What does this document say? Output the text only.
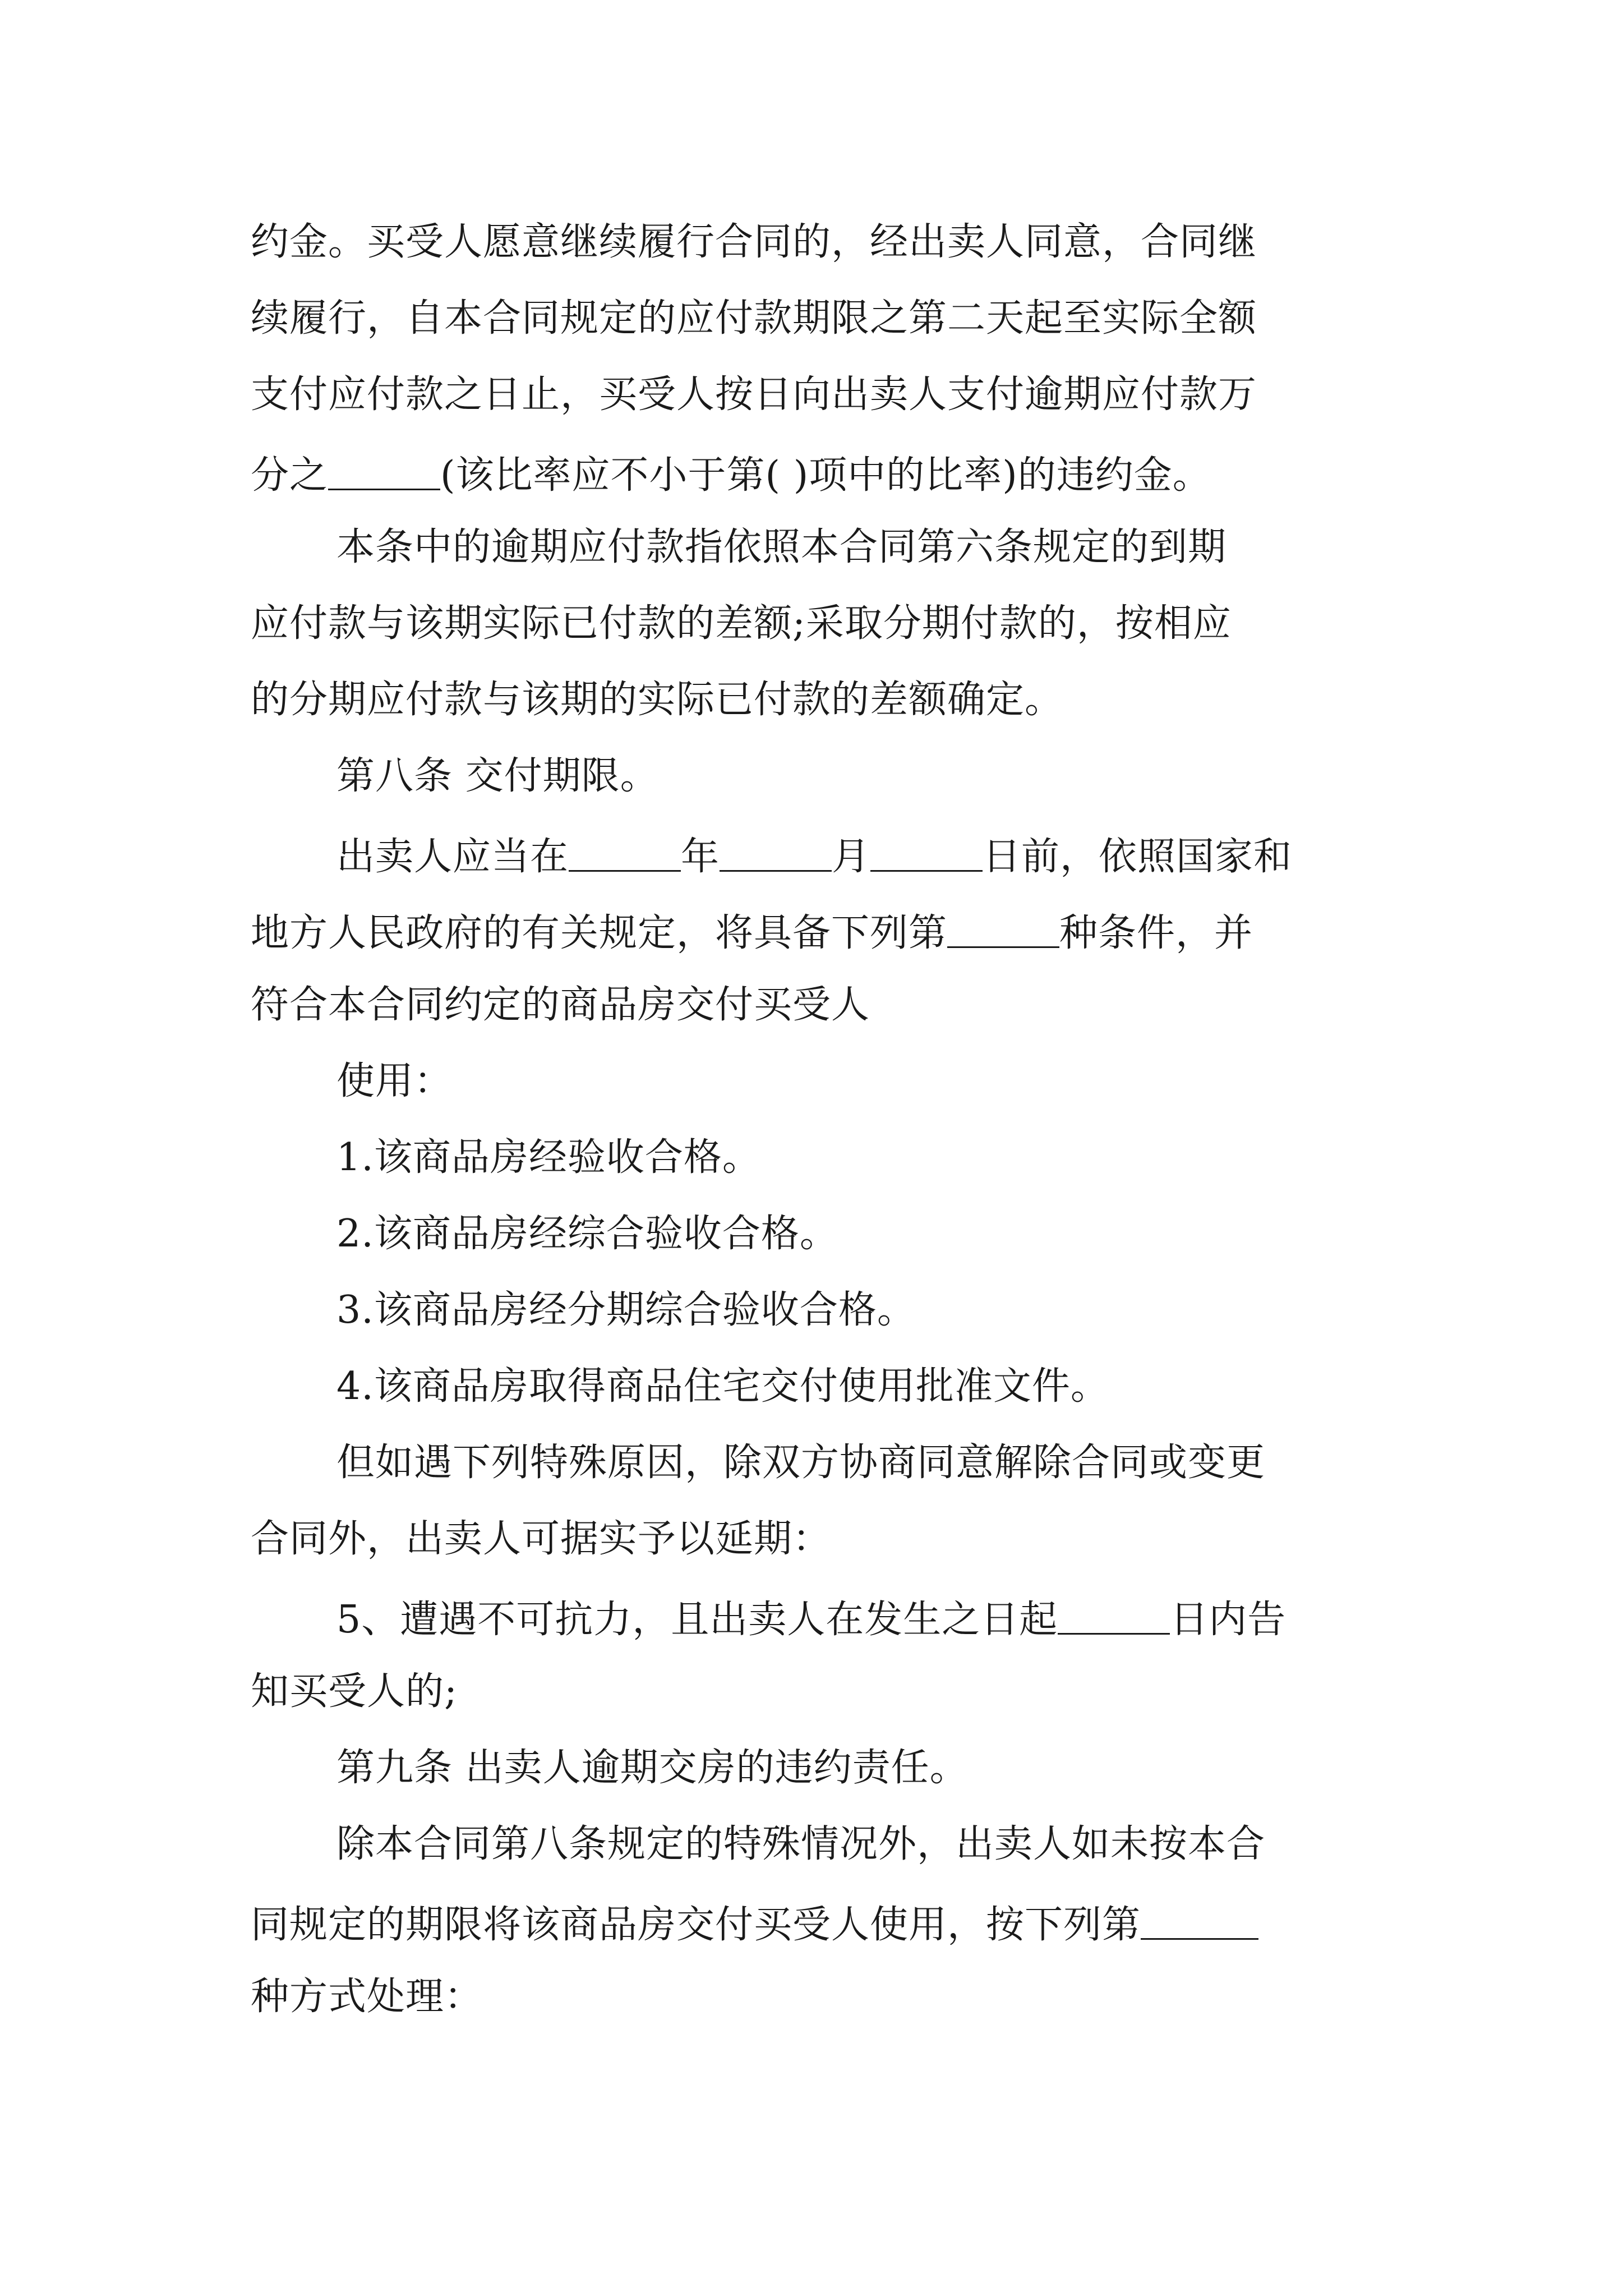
约金。买受人愿意继续履行合同的，经出卖人同意，合同继
续履行，自本合同规定的应付款期限之第二天起至实际全额
支付应付款之日止，买受人按日向出卖人支付逾期应付款万
分之	(该比率应不小于第( )项中的比率)的违约金。
本条中的逾期应付款指依照本合同第六条规定的到期
应付款与该期实际已付款的差额;采取分期付款的，按相应
的分期应付款与该期的实际已付款的差额确定。
第八条 交付期限。
出卖人应当在	年	月	日前，依照国家和
地方人民政府的有关规定，将具备下列第	种条件，并
符合本合同约定的商品房交付买受人
使用：
1.该商品房经验收合格。
2.该商品房经综合验收合格。
3.该商品房经分期综合验收合格。
4.该商品房取得商品住宅交付使用批准文件。
但如遇下列特殊原因，除双方协商同意解除合同或变更
合同外，出卖人可据实予以延期：
5、遭遇不可抗力，且出卖人在发生之日起	日内告
知买受人的;
第九条 出卖人逾期交房的违约责任。
除本合同第八条规定的特殊情况外，出卖人如未按本合
同规定的期限将该商品房交付买受人使用，按下列第
种方式处理：
